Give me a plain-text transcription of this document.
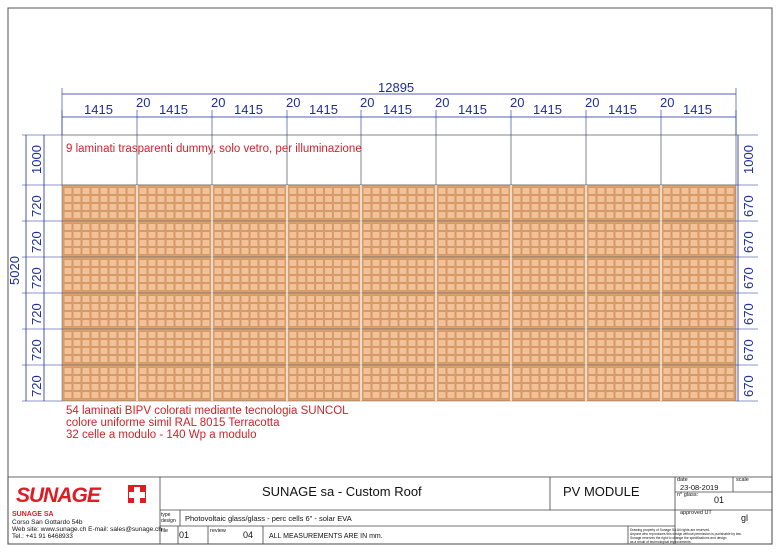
1415	1415
20	1415
20	1415
20	1415
20	1415
20	1415
20	1415
20	1415
20
1000
720
720
720
720
720
720
1000
670
670
670
670
670
670
12895
5020
9 laminati trasparenti dummy, solo vetro, per illuminazione
54 laminati BIPV colorati mediante tecnologia SUNCOL
colore uniforme simil RAL 8015 Terracotta
32 celle a modulo - 140 Wp a modulo
SUNAGE
SUNAGE SA
Corso San Gottardo 54b
Web site: www.sunage.ch E-mail: sales@sunage.ch
Tel.: +41 91 6468933
SUNAGE sa - Custom Roof	PV MODULE
date
23-08-2019
scale
n° glass: 01
approved UT	gl
type design	Photovoltaic glass/glass - perc cells 6" - solar EVA
file 01	review 04 ALL MEASUREMENTS ARE IN mm.
Drawing property of Sunage SA All rights are reserved.
Anyone who reproduces this design without permission is punishable by law.
Sunage reserves the right to change the specifications and design
as a result of technological improvements.
